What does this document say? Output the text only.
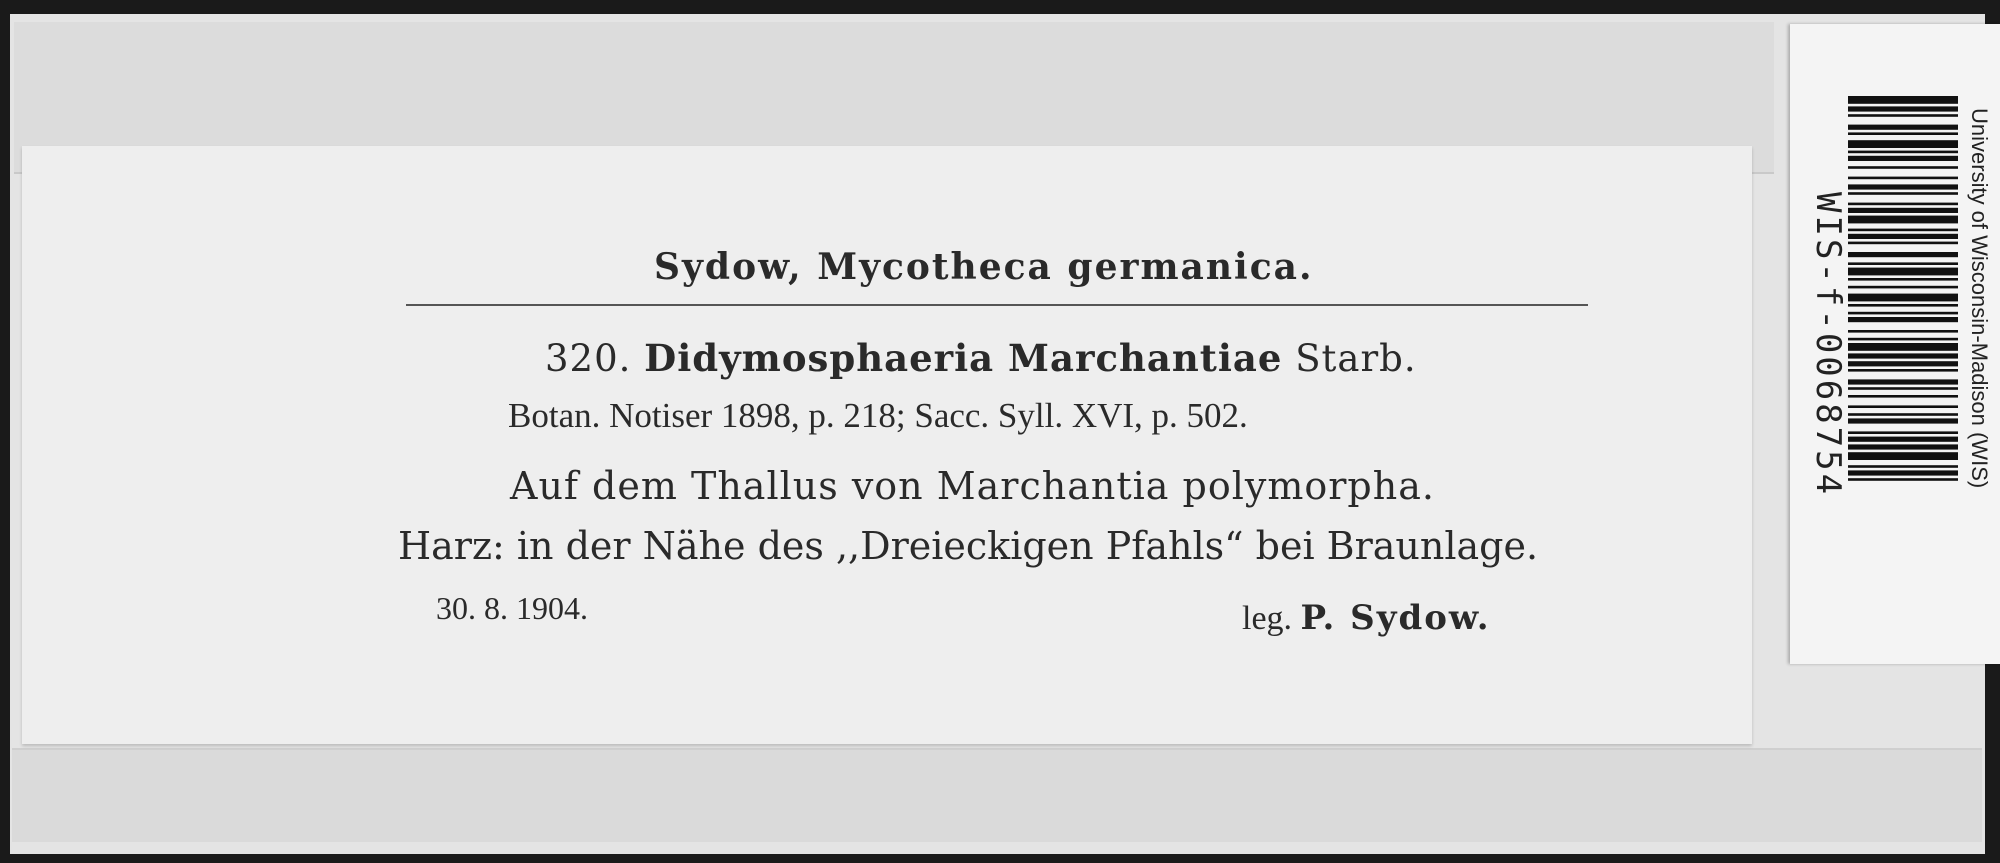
Sydow, Mycotheca germanica.
320. Didymosphaeria Marchantiae Starb.
Botan. Notiser 1898, p. 218; Sacc. Syll. XVI, p. 502.
Auf dem Thallus von Marchantia polymorpha.
Harz: in der Nähe des ,,Dreieckigen Pfahls“ bei Braunlage.
30. 8. 1904.	leg. P. Sydow.
WIS-f-0068754	University of Wisconsin-Madison (WIS)
